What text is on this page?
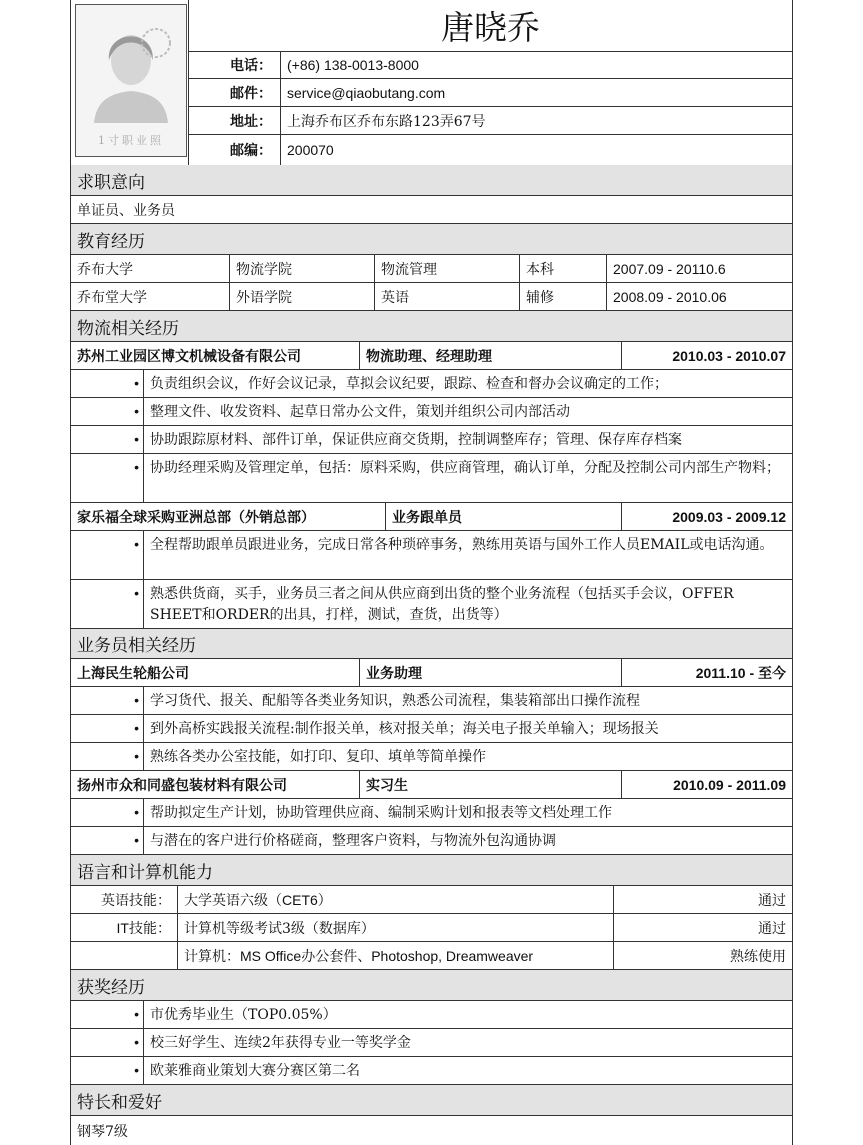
1寸职业照
唐晓乔
电话：	(+86) 138-0013-8000
邮件：	service@qiaobutang.com
地址：	上海乔布区乔布东路123弄67号
邮编：	200070
求职意向
单证员、业务员
教育经历
乔布大学	物流学院	物流管理	本科	2007.09 - 20110.6
乔布堂大学	外语学院	英语	辅修	2008.09 - 2010.06
物流相关经历
苏州工业园区博文机械设备有限公司	物流助理、经理助理	2010.03 - 2010.07
• 负责组织会议，作好会议记录，草拟会议纪要，跟踪、检查和督办会议确定的工作；
• 整理文件、收发资料、起草日常办公文件，策划并组织公司内部活动
• 协助跟踪原材料、部件订单，保证供应商交货期，控制调整库存；管理、保存库存档案
• 协助经理采购及管理定单，包括：原料采购，供应商管理，确认订单，分配及控制公司内部生产物料；
家乐福全球采购亚洲总部（外销总部）	业务跟单员	2009.03 - 2009.12
• 全程帮助跟单员跟进业务，完成日常各种琐碎事务，熟练用英语与国外工作人员EMAIL或电话沟通。
• 熟悉供货商，买手，业务员三者之间从供应商到出货的整个业务流程（包括买手会议，OFFER SHEET和ORDER的出具，打样，测试，查货，出货等）
业务员相关经历
上海民生轮船公司	业务助理	2011.10 - 至今
• 学习货代、报关、配船等各类业务知识，熟悉公司流程，集装箱部出口操作流程
• 到外高桥实践报关流程:制作报关单，核对报关单；海关电子报关单输入；现场报关
• 熟练各类办公室技能，如打印、复印、填单等简单操作
扬州市众和同盛包装材料有限公司	实习生	2010.09 - 2011.09
• 帮助拟定生产计划，协助管理供应商、编制采购计划和报表等文档处理工作
• 与潜在的客户进行价格磋商，整理客户资料，与物流外包沟通协调
语言和计算机能力
英语技能： 大学英语六级（CET6）	通过
IT技能： 计算机等级考试3级（数据库）	通过
计算机：MS Office办公套件、Photoshop, Dreamweaver	熟练使用
获奖经历
• 市优秀毕业生（TOP0.05%）
• 校三好学生、连续2年获得专业一等奖学金
• 欧莱雅商业策划大赛分赛区第二名
特长和爱好
钢琴7级
